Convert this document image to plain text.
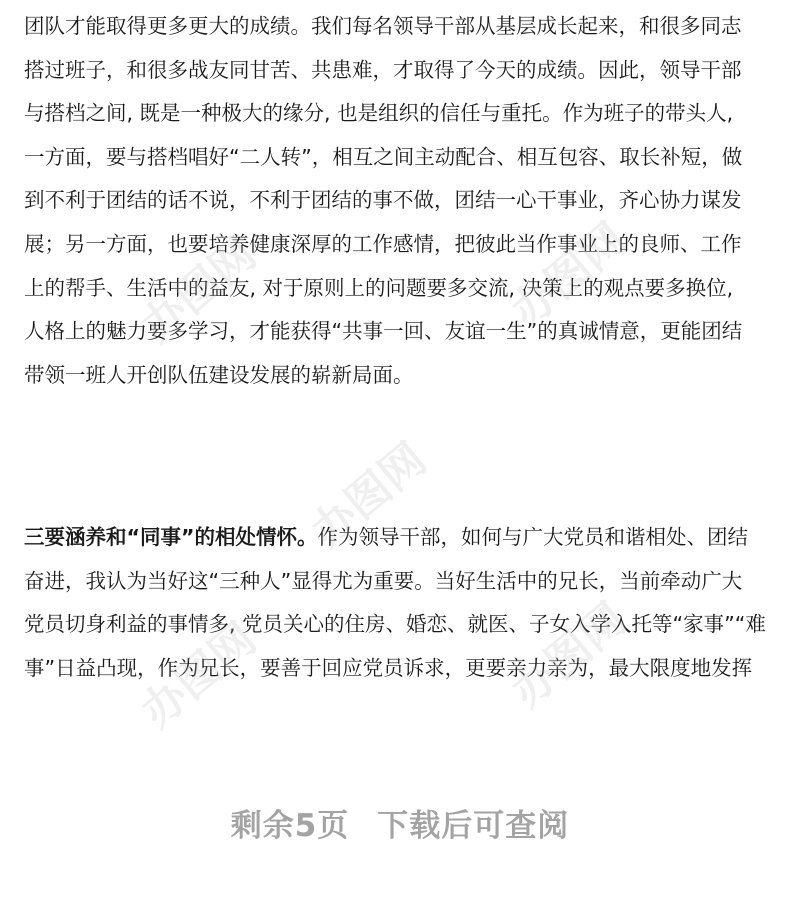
团队才能取得更多更大的成绩。我们每名领导干部从基层成长起来，和很多同志
搭过班子，和很多战友同甘苦、共患难，才取得了今天的成绩。因此，领导干部
与搭档之间, 既是一种极大的缘分, 也是组织的信任与重托。作为班子的带头人,
一方面，要与搭档唱好“二人转”，相互之间主动配合、相互包容、取长补短，做
到不利于团结的话不说，不利于团结的事不做，团结一心干事业，齐心协力谋发
展；另一方面，也要培养健康深厚的工作感情，把彼此当作事业上的良师、工作
上的帮手、生活中的益友, 对于原则上的问题要多交流, 决策上的观点要多换位,
人格上的魅力要多学习，才能获得“共事一回、友谊一生”的真诚情意，更能团结
带领一班人开创队伍建设发展的崭新局面。
三要涵养和“同事”的相处情怀。作为领导干部，如何与广大党员和谐相处、团结
奋进，我认为当好这“三种人”显得尤为重要。当好生活中的兄长，当前牵动广大
党员切身利益的事情多, 党员关心的住房、婚恋、就医、子女入学入托等“家事”“难
事”日益凸现，作为兄长，要善于回应党员诉求，更要亲力亲为，最大限度地发挥
办图网	办图网
办图网
办图网	办图网
剩余5页 下载后可查阅
